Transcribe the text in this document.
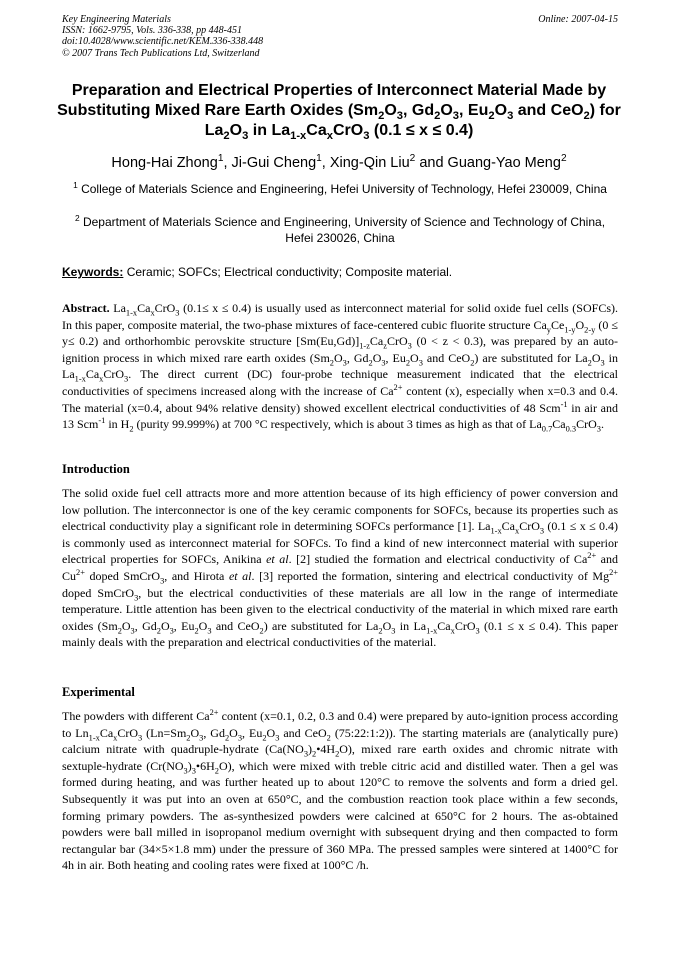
Key Engineering Materials
ISSN: 1662-9795, Vols. 336-338, pp 448-451
doi:10.4028/www.scientific.net/KEM.336-338.448
© 2007 Trans Tech Publications Ltd, Switzerland
Online: 2007-04-15
Preparation and Electrical Properties of Interconnect Material Made by Substituting Mixed Rare Earth Oxides ($Sm_2O_3$, $Gd_2O_3$, $Eu_2O_3$ and CeO$_2$) for $La_2O_3$ in $La_{1-x}Ca_xCrO_3$ (0.1 ≤ x ≤ 0.4)
Hong-Hai Zhong$^1$, Ji-Gui Cheng$^1$, Xing-Qin Liu$^2$ and Guang-Yao Meng$^2$
$^1$ College of Materials Science and Engineering, Hefei University of Technology, Hefei 230009, China
$^2$ Department of Materials Science and Engineering, University of Science and Technology of China, Hefei 230026, China
Keywords: Ceramic; SOFCs; Electrical conductivity; Composite material.
Abstract. $La_{1-x}Ca_xCrO_3$ (0.1≤ x ≤ 0.4) is usually used as interconnect material for solid oxide fuel cells (SOFCs). In this paper, composite material, the two-phase mixtures of face-centered cubic fluorite structure $Ca_yCe_{1-y}O_{2-y}$ (0 ≤ y≤ 0.2) and orthorhombic perovskite structure $[Sm(Eu,Gd)]_{1-z}Ca_zCrO_3$ (0 < z < 0.3), was prepared by an auto-ignition process in which mixed rare earth oxides ($Sm_2O_3$, $Gd_2O_3$, $Eu_2O_3$ and CeO$_2$) are substituted for $La_2O_3$ in $La_{1-x}Ca_xCrO_3$. The direct current (DC) four-probe technique measurement indicated that the electrical conductivities of specimens increased along with the increase of $Ca^{2+}$ content (x), especially when x=0.3 and 0.4. The material (x=0.4, about 94% relative density) showed excellent electrical conductivities of 48 Scm$^{-1}$ in air and 13 Scm$^{-1}$ in $H_2$ (purity 99.999%) at 700 °C respectively, which is about 3 times as high as that of $La_{0.7}Ca_{0.3}CrO_3$.
Introduction
The solid oxide fuel cell attracts more and more attention because of its high efficiency of power conversion and low pollution. The interconnector is one of the key ceramic components for SOFCs, because its properties such as electrical conductivity play a significant role in determining SOFCs performance [1]. $La_{1-x}Ca_xCrO_3$ (0.1 ≤ x ≤ 0.4) is commonly used as interconnect material for SOFCs. To find a kind of new interconnect material with superior electrical properties for SOFCs, Anikina et al. [2] studied the formation and electrical conductivity of $Ca^{2+}$ and $Cu^{2+}$ doped SmCrO$_3$, and Hirota et al. [3] reported the formation, sintering and electrical conductivity of $Mg^{2+}$ doped SmCrO$_3$, but the electrical conductivities of these materials are all low in the range of intermediate temperature. Little attention has been given to the electrical conductivity of the material in which mixed rare earth oxides ($Sm_2O_3$, $Gd_2O_3$, $Eu_2O_3$ and CeO$_2$) are substituted for $La_2O_3$ in $La_{1-x}Ca_xCrO_3$ (0.1 ≤ x ≤ 0.4). This paper mainly deals with the preparation and electrical conductivities of the material.
Experimental
The powders with different $Ca^{2+}$ content (x=0.1, 0.2, 0.3 and 0.4) were prepared by auto-ignition process according to $Ln_{1-x}Ca_xCrO_3$ ($Ln=Sm_2O_3$, $Gd_2O_3$, $Eu_2O_3$ and CeO$_2$ (75:22:1:2)). The starting materials are (analytically pure) calcium nitrate with quadruple-hydrate $(Ca(NO_3)_2•4H_2O)$, mixed rare earth oxides and chromic nitrate with sextuple-hydrate $(Cr(NO_3)_3•6H_2O)$, which were mixed with treble citric acid and distilled water. Then a gel was formed during heating, and was further heated up to about 120°C to remove the solvents and form a dried gel. Subsequently it was put into an oven at 650°C, and the combustion reaction took place within a few seconds, forming primary powders. The as-synthesized powders were calcined at 650°C for 2 hours. The as-obtained powders were ball milled in isopropanol medium overnight with subsequent drying and then compacted to form rectangular bar (34×5×1.8 mm) under the pressure of 360 MPa. The pressed samples were sintered at 1400°C for 4h in air. Both heating and cooling rates were fixed at 100°C /h.
